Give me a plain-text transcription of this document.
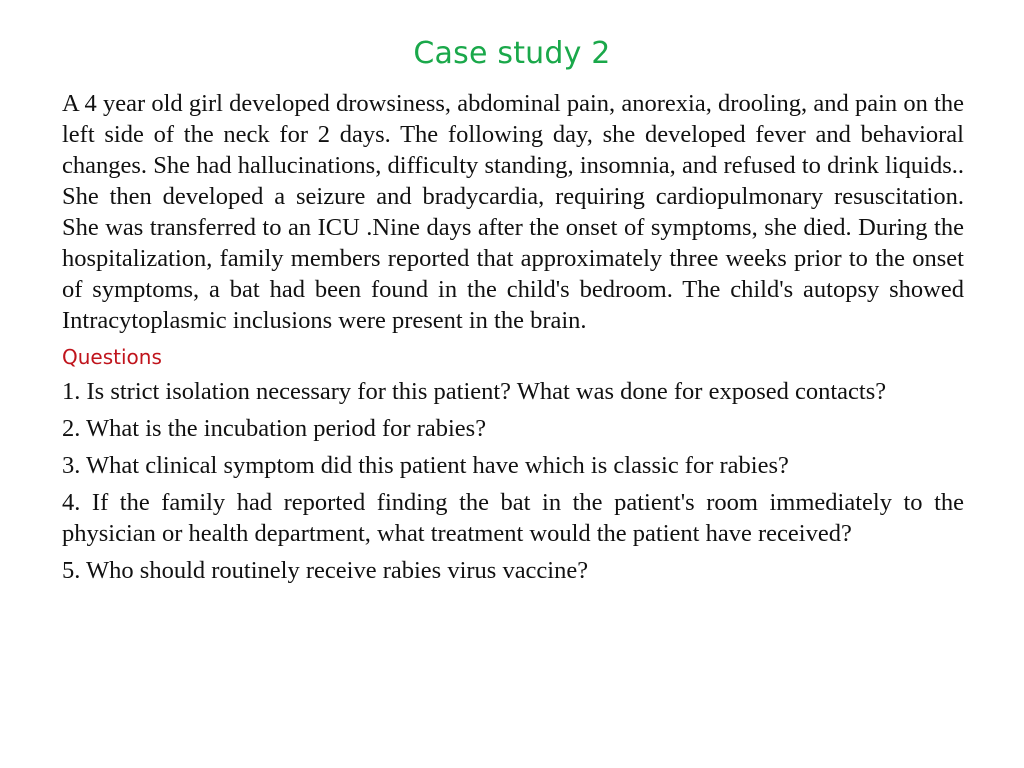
Case study 2

A 4 year old girl developed drowsiness, abdominal pain, anorexia, drooling, and pain on the left side of the neck for 2 days. The following day, she developed fever and behavioral changes. She had hallucinations, difficulty standing, insomnia, and refused to drink liquids.. She then developed a seizure and bradycardia, requiring cardiopulmonary resuscitation. She was transferred to an ICU .Nine days after the onset of symptoms, she died. During the hospitalization, family members reported that approximately three weeks prior to the onset of symptoms, a bat had been found in the child's bedroom. The child's autopsy showed Intracytoplasmic inclusions were present in the brain.

Questions

1. Is strict isolation necessary for this patient? What was done for exposed contacts?

2. What is the incubation period for rabies?

3. What clinical symptom did this patient have which is classic for rabies?

4. If the family had reported finding the bat in the patient's room immediately to the physician or health department, what treatment would the patient have received?

5. Who should routinely receive rabies virus vaccine?
